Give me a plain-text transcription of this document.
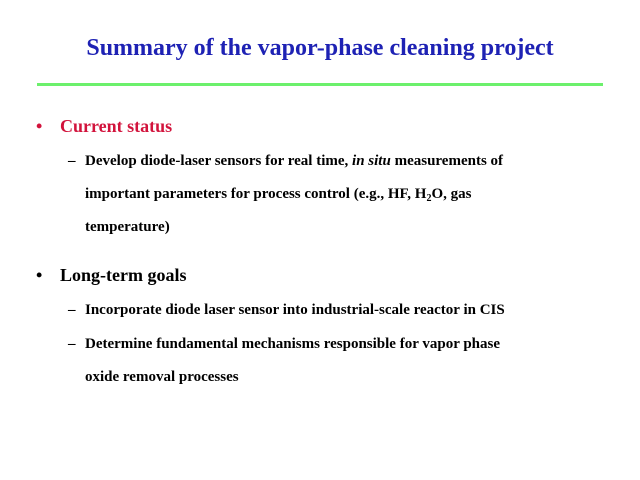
Summary of the vapor-phase cleaning project
• Current status
– Develop diode-laser sensors for real time, in situ measurements of
important parameters for process control (e.g., HF, $H_2O$, gas
temperature)
• Long-term goals
– Incorporate diode laser sensor into industrial-scale reactor in CIS
– Determine fundamental mechanisms responsible for vapor phase
oxide removal processes
